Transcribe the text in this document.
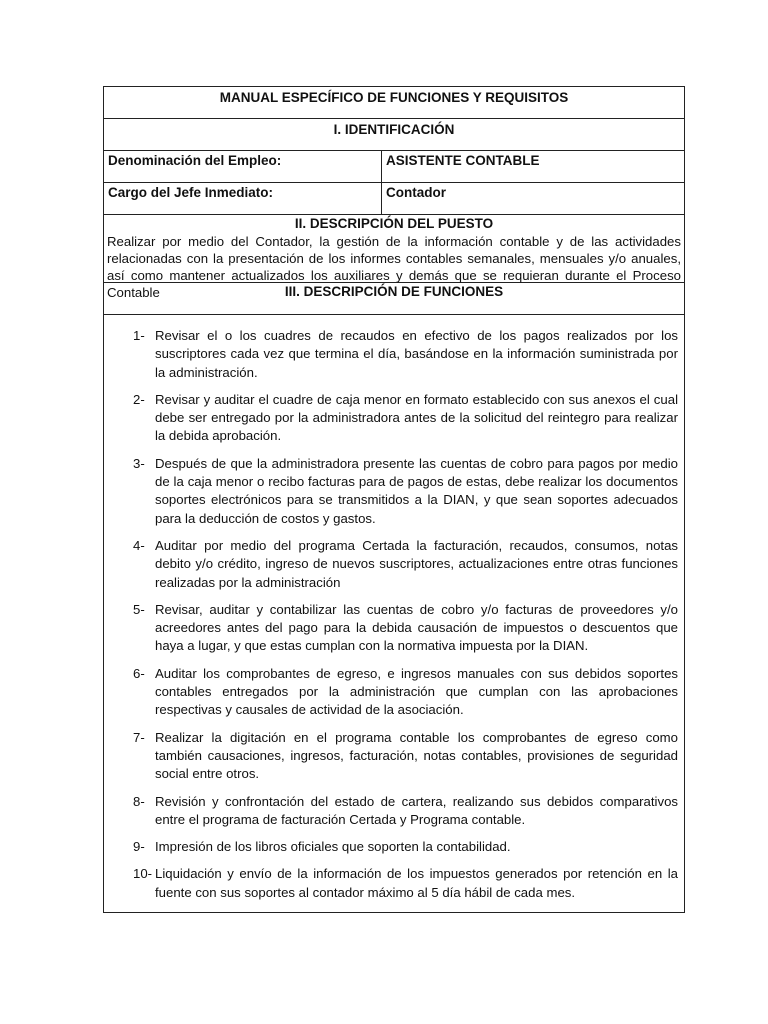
MANUAL ESPECÍFICO DE FUNCIONES Y REQUISITOS
I. IDENTIFICACIÓN
Denominación del Empleo:	ASISTENTE CONTABLE
Cargo del Jefe Inmediato:	Contador
II. DESCRIPCIÓN DEL PUESTO
Realizar por medio del Contador, la gestión de la información contable y de las actividades relacionadas con la presentación de los informes contables semanales, mensuales y/o anuales, así como mantener actualizados los auxiliares y demás que se requieran durante el Proceso Contable	III. DESCRIPCIÓN DE FUNCIONES
1- Revisar el o los cuadres de recaudos en efectivo de los pagos realizados por los suscriptores cada vez que termina el día, basándose en la información suministrada por la administración.
2- Revisar y auditar el cuadre de caja menor en formato establecido con sus anexos el cual debe ser entregado por la administradora antes de la solicitud del reintegro para realizar la debida aprobación.
3- Después de que la administradora presente las cuentas de cobro para pagos por medio de la caja menor o recibo facturas para de pagos de estas, debe realizar los documentos soportes electrónicos para se transmitidos a la DIAN, y que sean soportes adecuados para la deducción de costos y gastos.
4- Auditar por medio del programa Certada la facturación, recaudos, consumos, notas debito y/o crédito, ingreso de nuevos suscriptores, actualizaciones entre otras funciones realizadas por la administración
5- Revisar, auditar y contabilizar las cuentas de cobro y/o facturas de proveedores y/o acreedores antes del pago para la debida causación de impuestos o descuentos que haya a lugar, y que estas cumplan con la normativa impuesta por la DIAN.
6- Auditar los comprobantes de egreso, e ingresos manuales con sus debidos soportes contables entregados por la administración que cumplan con las aprobaciones respectivas y causales de actividad de la asociación.
7- Realizar la digitación en el programa contable los comprobantes de egreso como también causaciones, ingresos, facturación, notas contables, provisiones de seguridad social entre otros.
8- Revisión y confrontación del estado de cartera, realizando sus debidos comparativos entre el programa de facturación Certada y Programa contable.
9- Impresión de los libros oficiales que soporten la contabilidad.
10- Liquidación y envío de la información de los impuestos generados por retención en la fuente con sus soportes al contador máximo al 5 día hábil de cada mes.
